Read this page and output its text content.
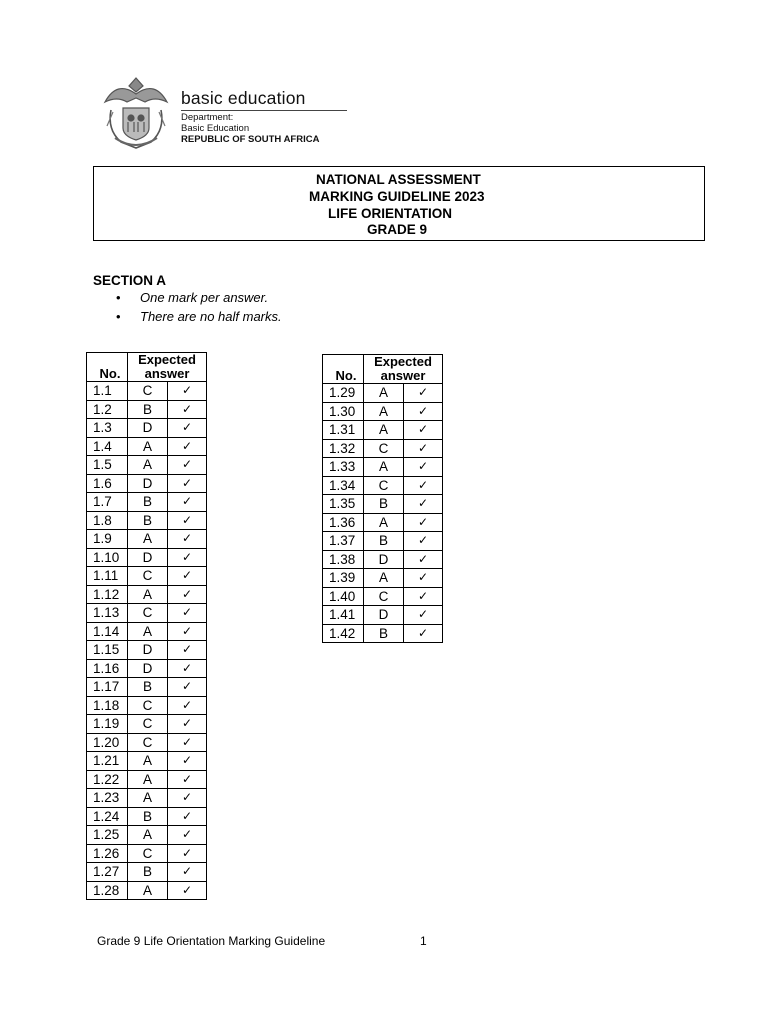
basic education
Department:
Basic Education
REPUBLIC OF SOUTH AFRICA
NATIONAL ASSESSMENT
MARKING GUIDELINE 2023
LIFE ORIENTATION
GRADE 9
SECTION A
• One mark per answer.
• There are no half marks.
No.	Expected answer	
1.1	C	✓
1.2	B	✓
1.3	D	✓
1.4	A	✓
1.5	A	✓
1.6	D	✓
1.7	B	✓
1.8	B	✓
1.9	A	✓
1.10	D	✓
1.11	C	✓
1.12	A	✓
1.13	C	✓
1.14	A	✓
1.15	D	✓
1.16	D	✓
1.17	B	✓
1.18	C	✓
1.19	C	✓
1.20	C	✓
1.21	A	✓
1.22	A	✓
1.23	A	✓
1.24	B	✓
1.25	A	✓
1.26	C	✓
1.27	B	✓
1.28	A	✓
No.	Expected answer	
1.29	A	✓
1.30	A	✓
1.31	A	✓
1.32	C	✓
1.33	A	✓
1.34	C	✓
1.35	B	✓
1.36	A	✓
1.37	B	✓
1.38	D	✓
1.39	A	✓
1.40	C	✓
1.41	D	✓
1.42	B	✓
Grade 9 Life Orientation Marking Guideline	1
